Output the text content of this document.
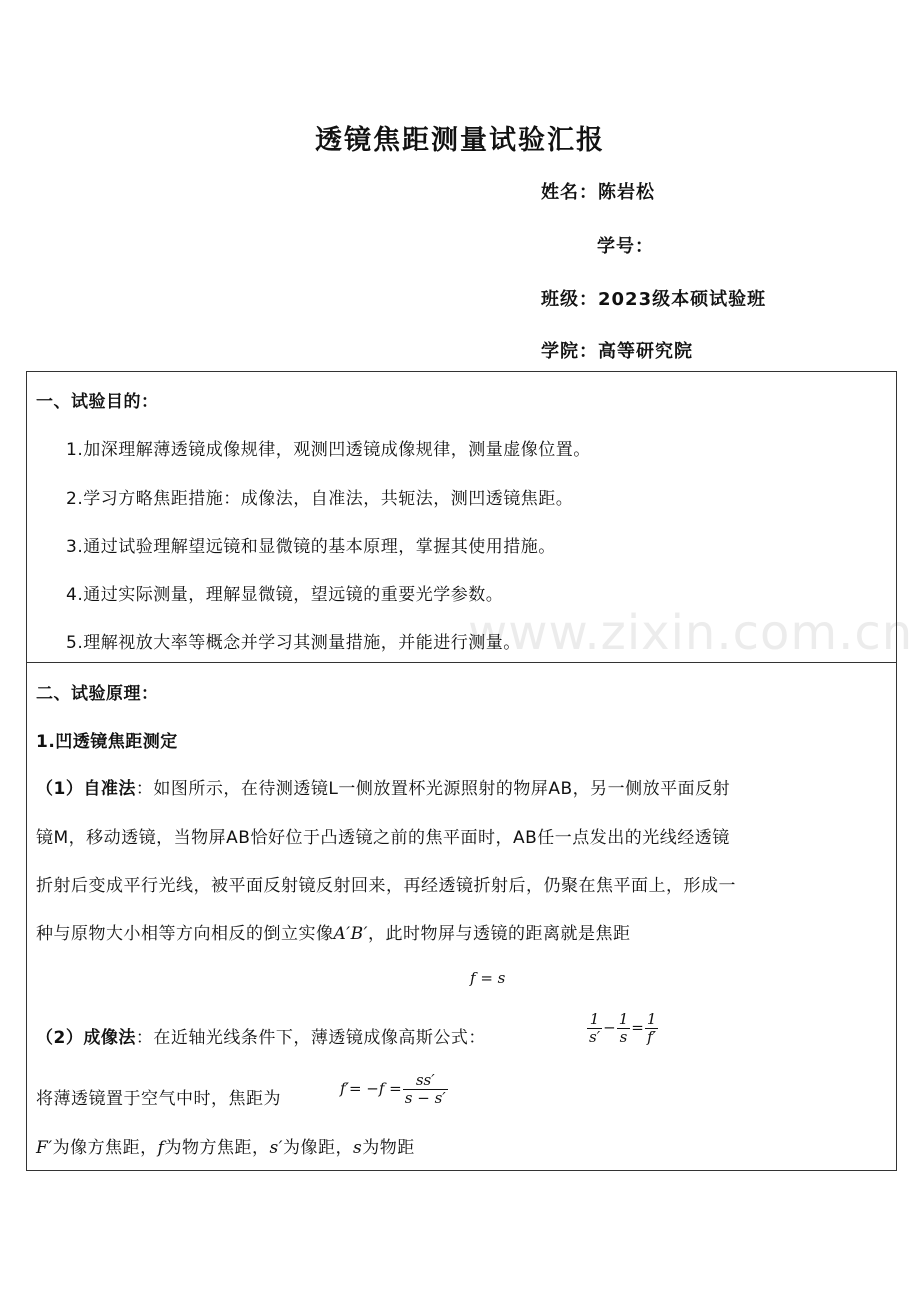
www.zixin.com.cn
透镜焦距测量试验汇报
姓名：陈岩松
学号：
班级：2023级本硕试验班
学院：高等研究院
一、试验目的：
1.加深理解薄透镜成像规律，观测凹透镜成像规律，测量虚像位置。
2.学习方略焦距措施：成像法，自准法，共轭法，测凹透镜焦距。
3.通过试验理解望远镜和显微镜的基本原理，掌握其使用措施。
4.通过实际测量，理解显微镜，望远镜的重要光学参数。
5.理解视放大率等概念并学习其测量措施，并能进行测量。
二、试验原理：
1.凹透镜焦距测定
（1）自准法：如图所示，在待测透镜L一侧放置杯光源照射的物屏AB，另一侧放平面反射
镜M，移动透镜，当物屏AB恰好位于凸透镜之前的焦平面时，AB任一点发出的光线经透镜
折射后变成平行光线，被平面反射镜反射回来，再经透镜折射后，仍聚在焦平面上，形成一
种与原物大小相等方向相反的倒立实像A′B′，此时物屏与透镜的距离就是焦距
f = s
（2）成像法：在近轴光线条件下，薄透镜成像高斯公式：	$\frac{1}{s'} - \frac{1}{s} = \frac{1}{f'}$
将薄透镜置于空气中时，焦距为
$f'= -f = \frac{ss'}{s - s'}$
F′为像方焦距，f为物方焦距，s′为像距，s为物距
